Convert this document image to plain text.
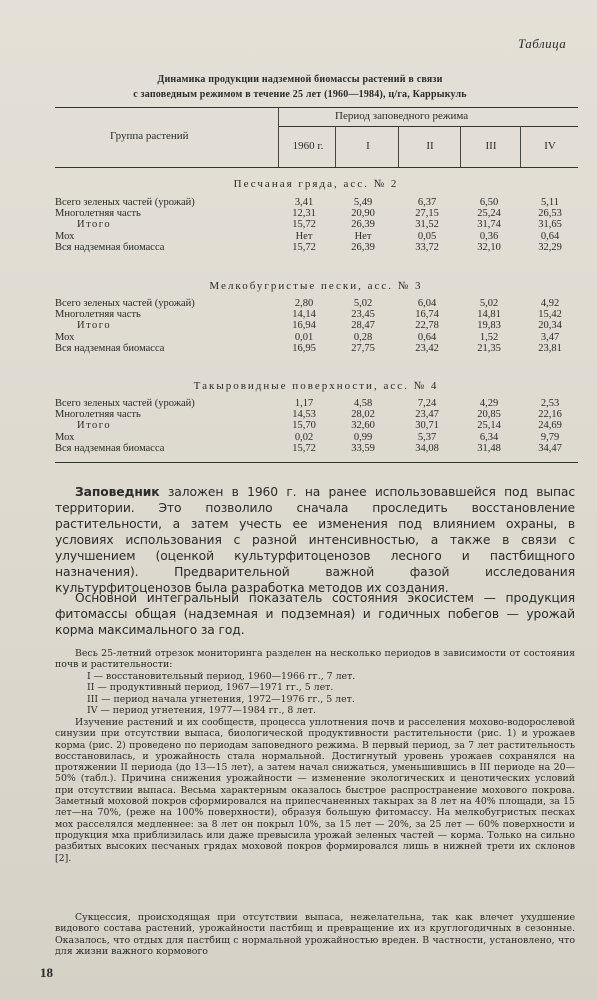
Таблица
Динамика продукции надземной биомассы растений в связи
с заповедным режимом в течение 25 лет (1960—1984), ц/га, Каррыкуль
Группа растений
Период заповедного режима
1960 г.	I	II	III	IV
Песчаная гряда, асс. № 2
Всего зеленых частей (урожай)	3,41	5,49	6,37	6,50	5,11
Многолетняя часть	12,31	20,90	27,15	25,24	26,53
Итого	15,72	26,39	31,52	31,74	31,65
Мох	Нет	Нет	0,05	0,36	0,64
Вся надземная биомасса	15,72	26,39	33,72	32,10	32,29
Мелкобугристые пески, асс. № 3
Всего зеленых частей (урожай)	2,80	5,02	6,04	5,02	4,92
Многолетняя часть	14,14	23,45	16,74	14,81	15,42
Итого	16,94	28,47	22,78	19,83	20,34
Мох	0,01	0,28	0,64	1,52	3,47
Вся надземная биомасса	16,95	27,75	23,42	21,35	23,81
Такыровидные поверхности, асс. № 4
Всего зеленых частей (урожай)	1,17	4,58	7,24	4,29	2,53
Многолетняя часть	14,53	28,02	23,47	20,85	22,16
Итого	15,70	32,60	30,71	25,14	24,69
Мох	0,02	0,99	5,37	6,34	9,79
Вся надземная биомасса	15,72	33,59	34,08	31,48	34,47

Заповедник заложен в 1960 г. на ранее использовавшейся под выпас территории. Это позволило сначала проследить восстановление растительности, а затем учесть ее изменения под влиянием охраны, в условиях использования с разной интенсивностью, а также в связи с улучшением (оценкой культурфитоценозов лесного и пастбищного назначения). Предварительной важной фазой исследования культурфитоценозов была разработка методов их создания.

Основной интегральный показатель состояния экосистем — продукция фитомассы общая (надземная и подземная) и годичных побегов — урожай корма максимального за год.

Весь 25-летний отрезок мониторинга разделен на несколько периодов в зависимости от состояния почв и растительности:

I — восстановительный период, 1960—1966 гг., 7 лет.
II — продуктивный период, 1967—1971 гг., 5 лет.
III — период начала угнетения, 1972—1976 гг., 5 лет.
IV — период угнетения, 1977—1984 гг., 8 лет.

Изучение растений и их сообществ, процесса уплотнения почв и расселения мохово-водорослевой синузии при отсутствии выпаса, биологической продуктивности растительности (рис. 1) и урожаев корма (рис. 2) проведено по периодам заповедного режима. В первый период, за 7 лет растительность восстановилась, и урожайность стала нормальной. Достигнутый уровень урожаев сохранялся на протяжении II периода (до 13—15 лет), а затем начал снижаться, уменьшившись в III периоде на 20—50% (табл.). Причина снижения урожайности — изменение экологических и ценотических условий при отсутствии выпаса. Весьма характерным оказалось быстрое распространение мохового покрова. Заметный моховой покров сформировался на припесчаненных такырах за 8 лет на 40% площади, за 15 лет—на 70%, (реже на 100% поверхности), образуя большую фитомассу. На мелкобугристых песках мох расселялся медленнее: за 8 лет он покрыл 10%, за 15 лет — 20%, за 25 лет — 60% поверхности и продукция мха приблизилась или даже превысила урожай зеленых частей — корма. Только на сильно разбитых высоких песчаных грядах моховой покров формировался лишь в нижней трети их склонов [2].

Сукцессия, происходящая при отсутствии выпаса, нежелательна, так как влечет ухудшение видового состава растений, урожайности пастбищ и превращение их из круглогодичных в сезонные. Оказалось, что отдых для пастбищ с нормальной урожайностью вреден. В частности, установлено, что для жизни важного кормового

18
